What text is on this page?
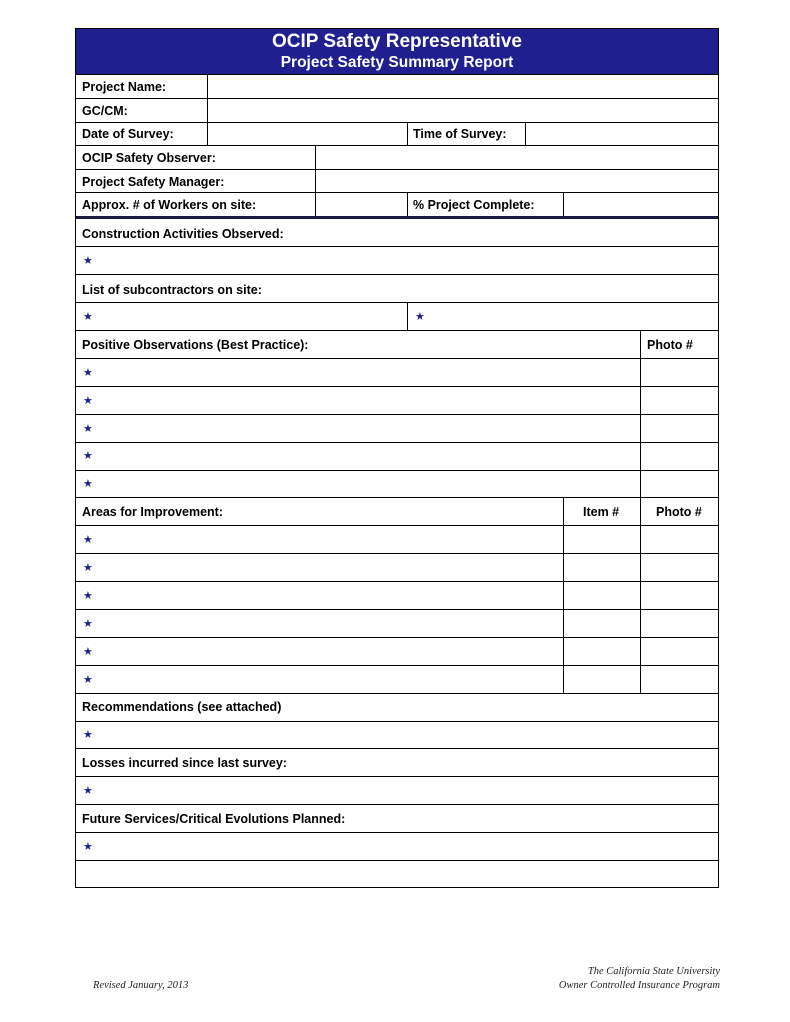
OCIP Safety Representative
Project Safety Summary Report
Project Name:
GC/CM:
Date of Survey:	Time of Survey:
OCIP Safety Observer:
Project Safety Manager:
Approx. # of Workers on site:	% Project Complete:
Construction Activities Observed:
★
List of subcontractors on site:
★	★
Positive Observations (Best Practice):	Photo #
★
★
★
★
★
Areas for Improvement:	Item #	Photo #
★
★
★
★
★
★
Recommendations (see attached)
★
Losses incurred since last survey:
★
Future Services/Critical Evolutions Planned:
★
Revised January, 2013
The California State University
Owner Controlled Insurance Program
